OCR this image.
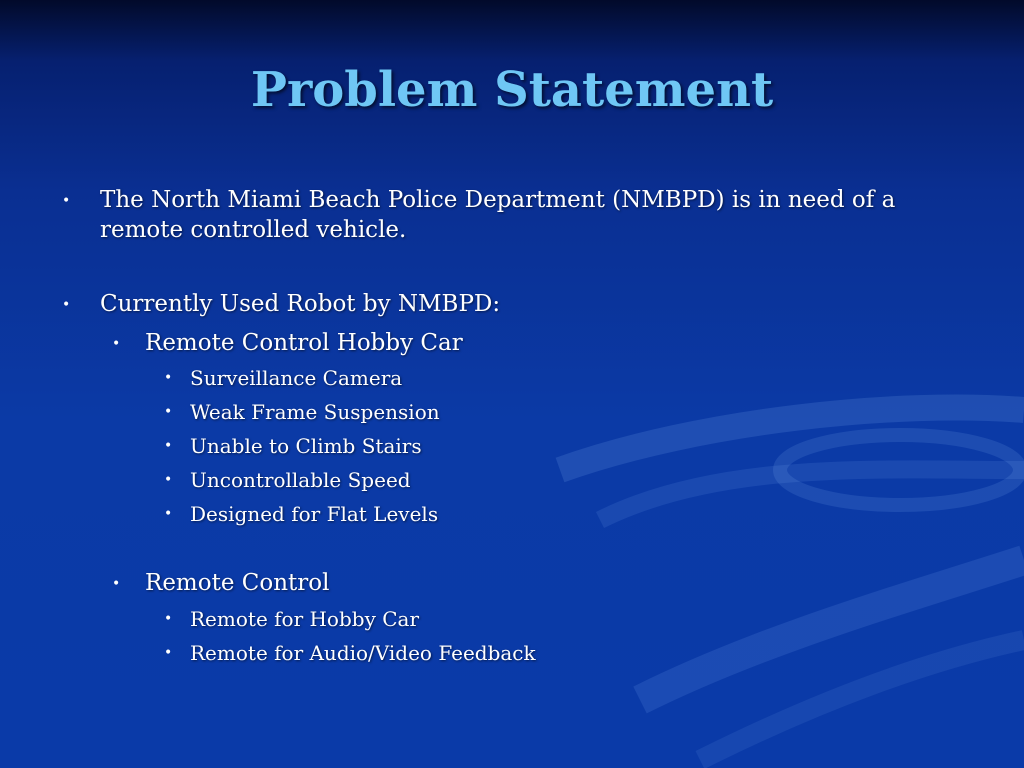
Problem Statement
• The North Miami Beach Police Department (NMBPD) is in need of a
remote controlled vehicle.
• Currently Used Robot by NMBPD:
• Remote Control Hobby Car
• Surveillance Camera
• Weak Frame Suspension
• Unable to Climb Stairs
• Uncontrollable Speed
• Designed for Flat Levels
• Remote Control
• Remote for Hobby Car
• Remote for Audio/Video Feedback
